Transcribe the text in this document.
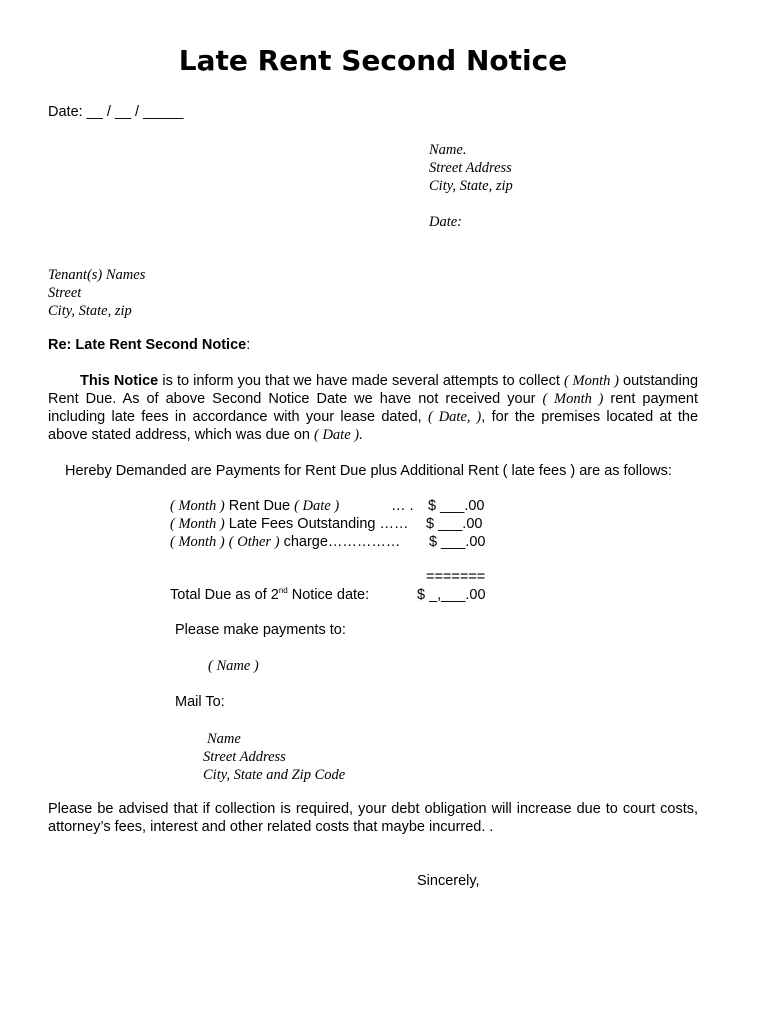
Late Rent Second Notice
Date: __ / __ / _____
Name.
Street Address
City, State, zip
Date:
Tenant(s) Names
Street
City, State, zip
Re: Late Rent Second Notice:
This Notice is to inform you that we have made several attempts to collect ( Month ) outstanding Rent Due. As of above Second Notice Date we have not received your ( Month ) rent payment including late fees in accordance with your lease dated, ( Date, ), for the premises located at the above stated address, which was due on ( Date ).
Hereby Demanded are Payments for Rent Due plus Additional Rent ( late fees ) are as follows:
( Month ) Rent Due ( Date )	… . $ ___.00
( Month ) Late Fees Outstanding …… $ ___.00
( Month ) ( Other ) charge…………… $ ___.00
=======
Total Due as of 2nd Notice date:	$ _,___.00
Please make payments to:
( Name )
Mail To:
Name
Street Address
City, State and Zip Code
Please be advised that if collection is required, your debt obligation will increase due to court costs, attorney’s fees, interest and other related costs that maybe incurred. .
Sincerely,
